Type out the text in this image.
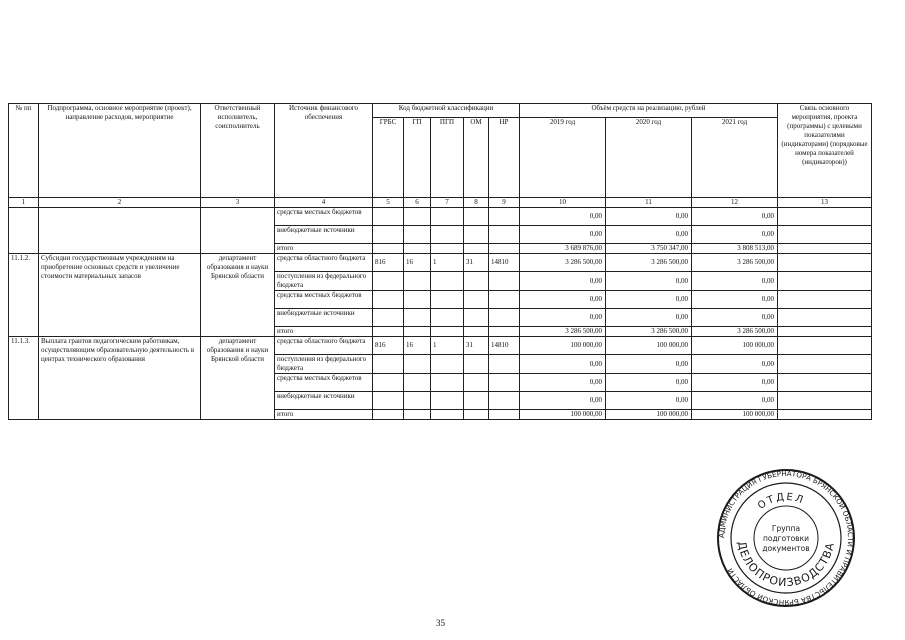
№ пп	Подпрограмма, основное мероприятие (проект), направление расходов, мероприятие	Ответственный исполнитель, соисполнитель	Источник финансового обеспечения	Код бюджетной классификации					Объём средств на реализацию, рублей			Связь основного мероприятия, проекта (программы) с целевыми показателями (индикаторами) (порядковые номера показателей (индикаторов))
				ГРБС	ГП	ПГП	ОМ	НР	2019 год	2020 год	2021 год	
1	2	3	4	5	6	7	8	9	10	11	12	13
			средства местных бюджетов						0,00	0,00	0,00	
			внебюджетные источники						0,00	0,00	0,00	
			итого						3 689 876,00	3 750 347,00	3 808 513,00	
11.1.2.	Субсидии государственным учреждениям на приобретение основных средств и увеличение стоимости материальных запасов	департамент образования и науки Брянской области	средства областного бюджета	816	16	1	31	14810	3 286 500,00	3 286 500,00	3 286 500,00	
			поступления из федерального бюджета						0,00	0,00	0,00	
			средства местных бюджетов						0,00	0,00	0,00	
			внебюджетные источники						0,00	0,00	0,00	
			итого						3 286 500,00	3 286 500,00	3 286 500,00	
11.1.3.	Выплата грантов педагогическим работникам, осуществляющим образовательную деятельность в центрах технического образования	департамент образования и науки Брянской области	средства областного бюджета	816	16	1	31	14810	100 000,00	100 000,00	100 000,00	
			поступления из федерального бюджета						0,00	0,00	0,00	
			средства местных бюджетов						0,00	0,00	0,00	
			внебюджетные источники						0,00	0,00	0,00	
			итого						100 000,00	100 000,00	100 000,00	
АДМИНИСТРАЦИЯ ГУБЕРНАТОРА БРЯНСКОЙ ОБЛАСТИ И ПРАВИТЕЛЬСТВА БРЯНСКОЙ ОБЛАСТИ
ДЕЛОПРОИЗВОДСТВА
ОТДЕЛ
Группа
подготовки
документов
35
